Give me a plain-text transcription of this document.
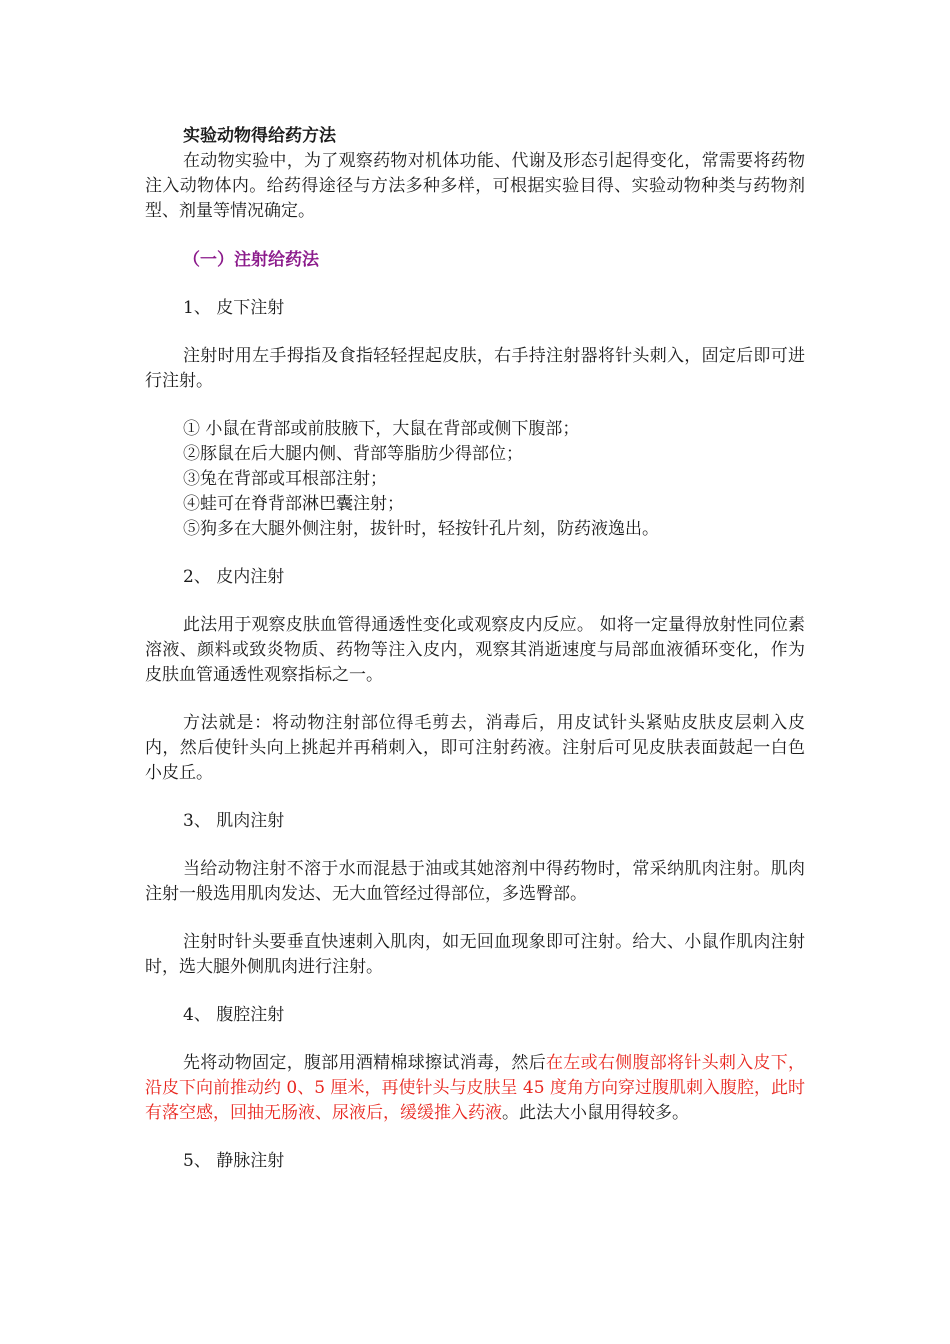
实验动物得给药方法

在动物实验中，为了观察药物对机体功能、代谢及形态引起得变化，常需要将药物注入动物体内。给药得途径与方法多种多样，可根据实验目得、实验动物种类与药物剂型、剂量等情况确定。

（一）注射给药法

1、 皮下注射

注射时用左手拇指及食指轻轻捏起皮肤，右手持注射器将针头刺入，固定后即可进行注射。

① 小鼠在背部或前肢腋下，大鼠在背部或侧下腹部；
②豚鼠在后大腿内侧、背部等脂肪少得部位；
③兔在背部或耳根部注射；
④蛙可在脊背部淋巴囊注射；
⑤狗多在大腿外侧注射，拔针时，轻按针孔片刻，防药液逸出。

2、 皮内注射

此法用于观察皮肤血管得通透性变化或观察皮内反应。 如将一定量得放射性同位素溶液、颜料或致炎物质、药物等注入皮内，观察其消逝速度与局部血液循环变化，作为皮肤血管通透性观察指标之一。

方法就是：将动物注射部位得毛剪去，消毒后，用皮试针头紧贴皮肤皮层刺入皮内，然后使针头向上挑起并再稍刺入，即可注射药液。注射后可见皮肤表面鼓起一白色小皮丘。

3、 肌肉注射

当给动物注射不溶于水而混悬于油或其她溶剂中得药物时，常采纳肌肉注射。肌肉注射一般选用肌肉发达、无大血管经过得部位，多选臀部。

注射时针头要垂直快速刺入肌肉，如无回血现象即可注射。给大、小鼠作肌肉注射时，选大腿外侧肌肉进行注射。

4、 腹腔注射

先将动物固定，腹部用酒精棉球擦试消毒，然后在左或右侧腹部将针头刺入皮下，沿皮下向前推动约 0、5 厘米，再使针头与皮肤呈 45 度角方向穿过腹肌刺入腹腔，此时有落空感，回抽无肠液、尿液后，缓缓推入药液。此法大小鼠用得较多。

5、 静脉注射
